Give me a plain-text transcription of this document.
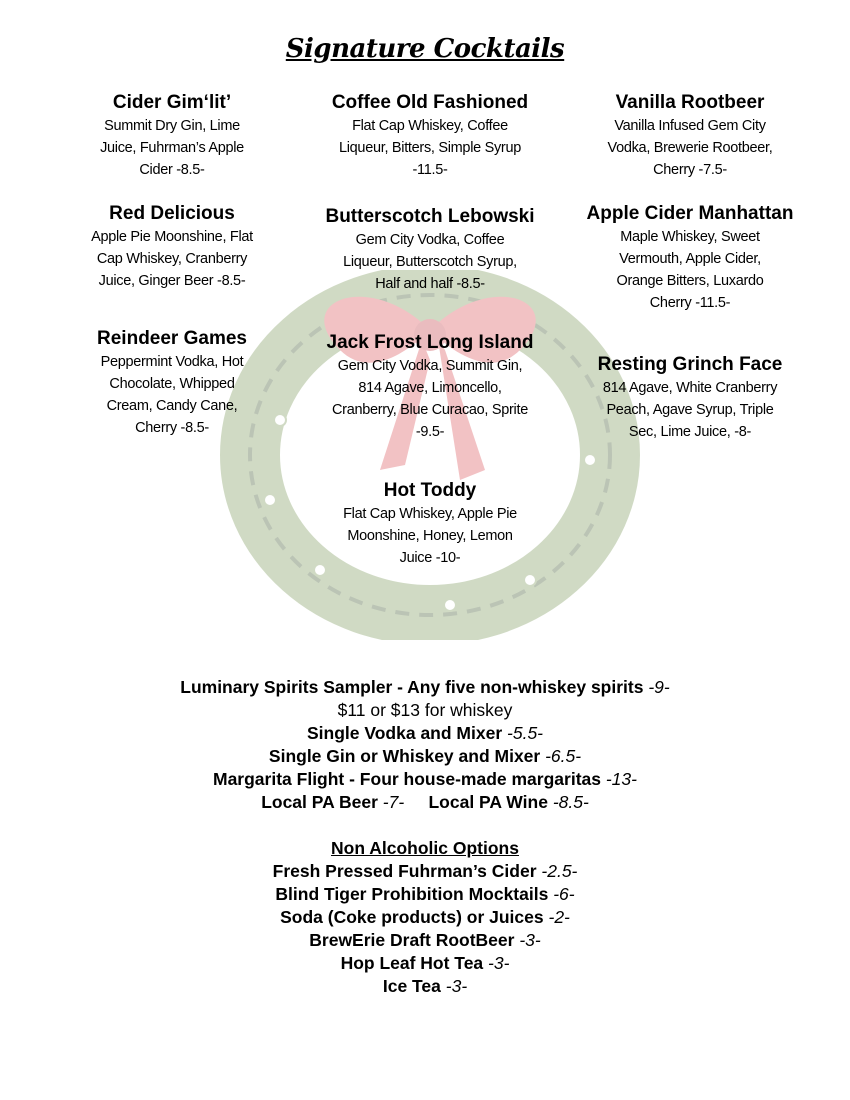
Signature Cocktails
Cider Gim‘lit’
Summit Dry Gin, Lime
Juice, Fuhrman’s Apple
Cider -8.5-
Coffee Old Fashioned
Flat Cap Whiskey, Coffee
Liqueur, Bitters, Simple Syrup
-11.5-
Vanilla Rootbeer
Vanilla Infused Gem City
Vodka, Brewerie Rootbeer,
Cherry -7.5-
Red Delicious
Apple Pie Moonshine, Flat
Cap Whiskey, Cranberry
Juice, Ginger Beer -8.5-
Butterscotch Lebowski
Gem City Vodka, Coffee
Liqueur, Butterscotch Syrup,
Half and half -8.5-
Apple Cider Manhattan
Maple Whiskey, Sweet
Vermouth, Apple Cider,
Orange Bitters, Luxardo
Cherry -11.5-
Reindeer Games
Peppermint Vodka, Hot
Chocolate, Whipped
Cream, Candy Cane,
Cherry -8.5-
Jack Frost Long Island
Gem City Vodka, Summit Gin,
814 Agave, Limoncello,
Cranberry, Blue Curacao, Sprite
-9.5-
Resting Grinch Face
814 Agave, White Cranberry
Peach, Agave Syrup, Triple
Sec, Lime Juice, -8-
Hot Toddy
Flat Cap Whiskey, Apple Pie
Moonshine, Honey, Lemon
Juice -10-
Luminary Spirits Sampler - Any five non-whiskey spirits -9-
$11 or $13 for whiskey
Single Vodka and Mixer -5.5-
Single Gin or Whiskey and Mixer -6.5-
Margarita Flight - Four house-made margaritas -13-
Local PA Beer -7- Local PA Wine -8.5-
Non Alcoholic Options
Fresh Pressed Fuhrman’s Cider -2.5-
Blind Tiger Prohibition Mocktails -6-
Soda (Coke products) or Juices -2-
BrewErie Draft RootBeer -3-
Hop Leaf Hot Tea -3-
Ice Tea -3-
